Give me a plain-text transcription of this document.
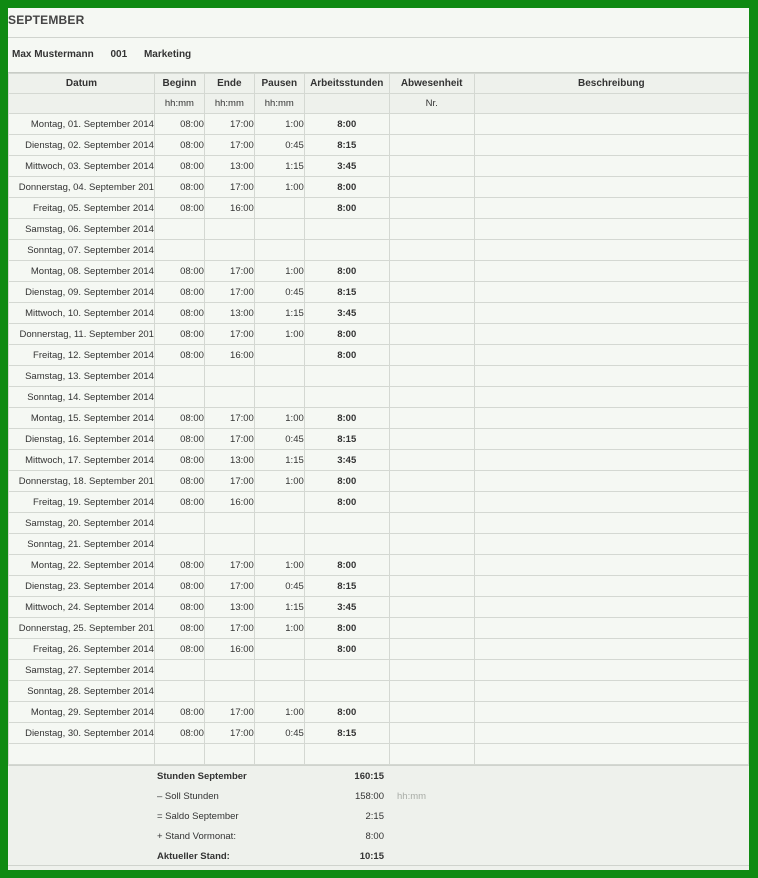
SEPTEMBER
Max Mustermann 001 Marketing
Datum	Beginn	Ende	Pausen	Arbeitsstunden	Abwesenheit	Beschreibung
	hh:mm	hh:mm	hh:mm		Nr.	
Montag, 01. September 2014	08:00	17:00	1:00	8:00		
Dienstag, 02. September 2014	08:00	17:00	0:45	8:15		
Mittwoch, 03. September 2014	08:00	13:00	1:15	3:45		
Donnerstag, 04. September 201	08:00	17:00	1:00	8:00		
Freitag, 05. September 2014	08:00	16:00		8:00		
Samstag, 06. September 2014						
Sonntag, 07. September 2014						
Montag, 08. September 2014	08:00	17:00	1:00	8:00		
Dienstag, 09. September 2014	08:00	17:00	0:45	8:15		
Mittwoch, 10. September 2014	08:00	13:00	1:15	3:45		
Donnerstag, 11. September 201	08:00	17:00	1:00	8:00		
Freitag, 12. September 2014	08:00	16:00		8:00		
Samstag, 13. September 2014						
Sonntag, 14. September 2014						
Montag, 15. September 2014	08:00	17:00	1:00	8:00		
Dienstag, 16. September 2014	08:00	17:00	0:45	8:15		
Mittwoch, 17. September 2014	08:00	13:00	1:15	3:45		
Donnerstag, 18. September 201	08:00	17:00	1:00	8:00		
Freitag, 19. September 2014	08:00	16:00		8:00		
Samstag, 20. September 2014						
Sonntag, 21. September 2014						
Montag, 22. September 2014	08:00	17:00	1:00	8:00		
Dienstag, 23. September 2014	08:00	17:00	0:45	8:15		
Mittwoch, 24. September 2014	08:00	13:00	1:15	3:45		
Donnerstag, 25. September 201	08:00	17:00	1:00	8:00		
Freitag, 26. September 2014	08:00	16:00		8:00		
Samstag, 27. September 2014						
Sonntag, 28. September 2014						
Montag, 29. September 2014	08:00	17:00	1:00	8:00		
Dienstag, 30. September 2014	08:00	17:00	0:45	8:15		

Stunden September	160:15
– Soll Stunden	158:00 hh:mm
= Saldo September	2:15
+ Stand Vormonat:	8:00
Aktueller Stand:	10:15
